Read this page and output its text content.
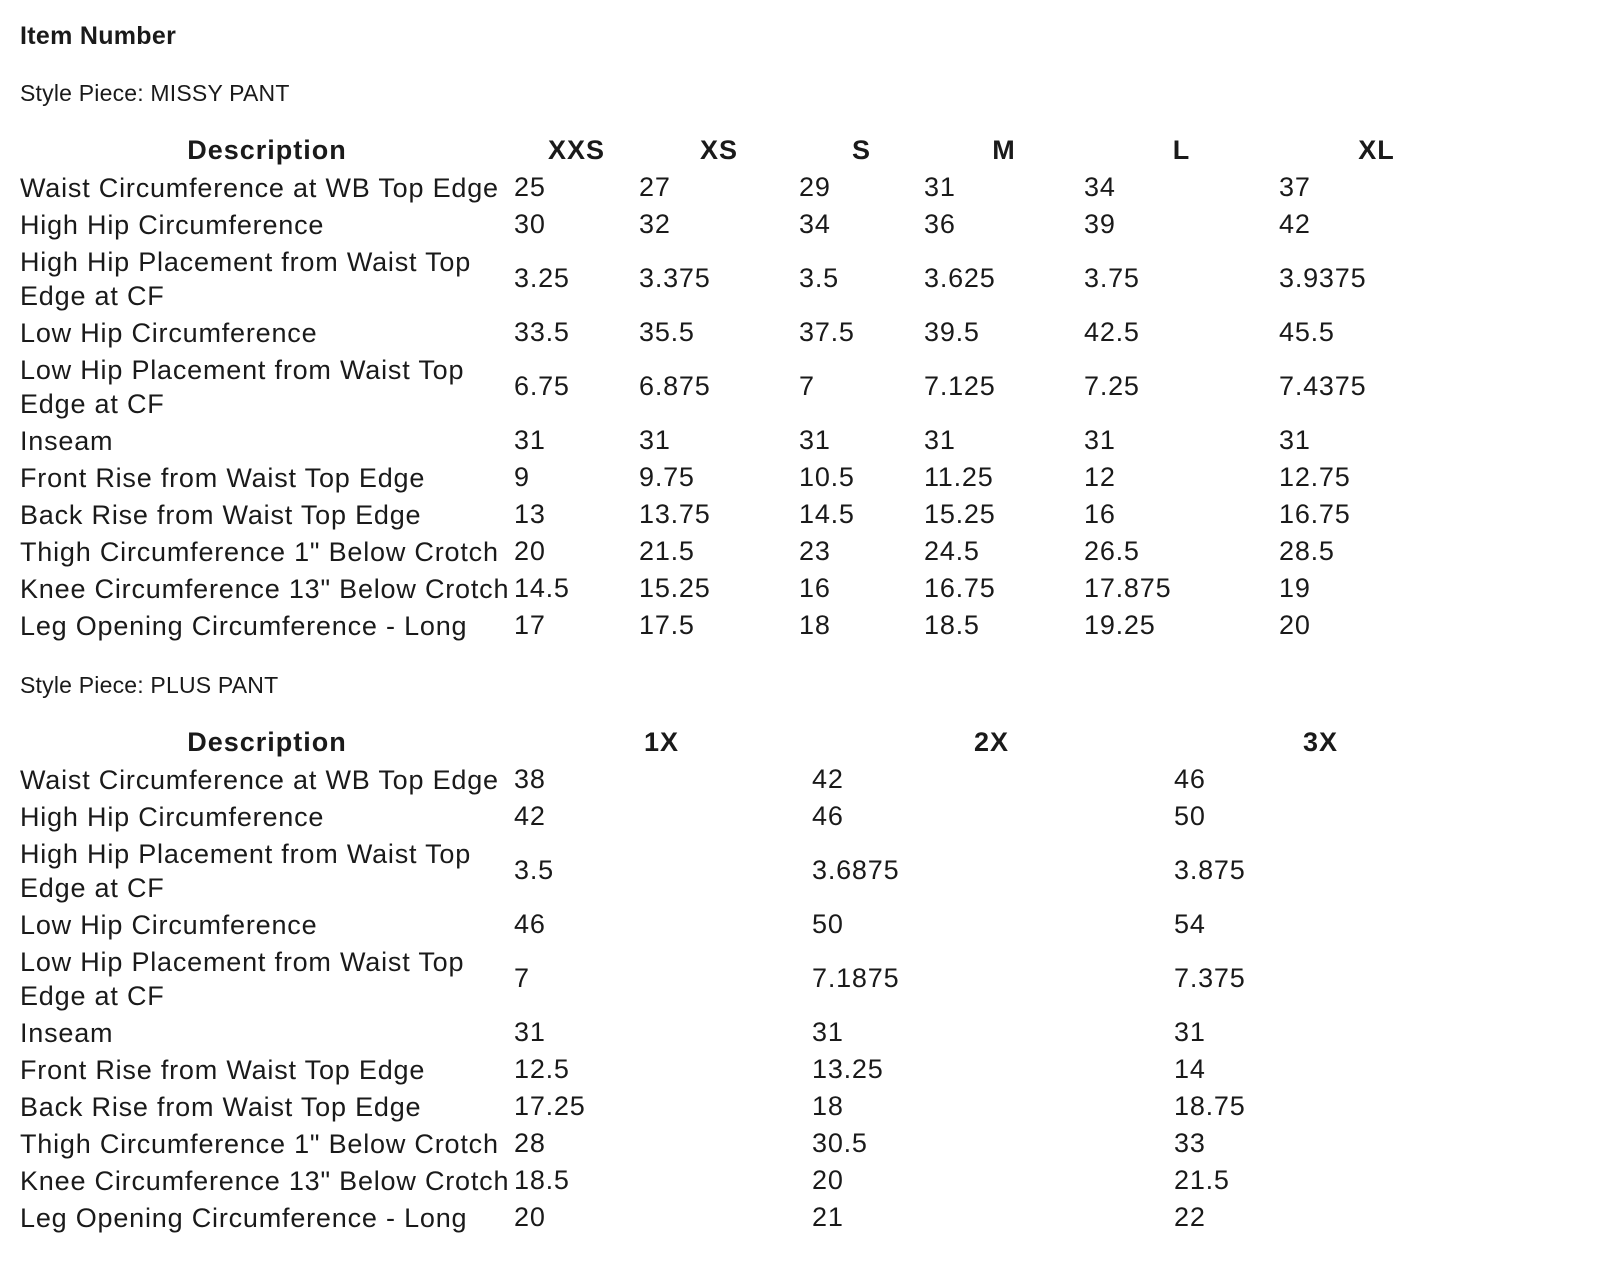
Item Number
Style Piece: MISSY PANT
Description	XXS	XS	S	M	L	XL
Waist Circumference at WB Top Edge	25	27	29	31	34	37
High Hip Circumference	30	32	34	36	39	42
High Hip Placement from Waist Top Edge at CF	3.25	3.375	3.5	3.625	3.75	3.9375
Low Hip Circumference	33.5	35.5	37.5	39.5	42.5	45.5
Low Hip Placement from Waist Top Edge at CF	6.75	6.875	7	7.125	7.25	7.4375
Inseam	31	31	31	31	31	31
Front Rise from Waist Top Edge	9	9.75	10.5	11.25	12	12.75
Back Rise from Waist Top Edge	13	13.75	14.5	15.25	16	16.75
Thigh Circumference 1" Below Crotch	20	21.5	23	24.5	26.5	28.5
Knee Circumference 13" Below Crotch	14.5	15.25	16	16.75	17.875	19
Leg Opening Circumference - Long	17	17.5	18	18.5	19.25	20
Style Piece: PLUS PANT
Description	1X	2X	3X
Waist Circumference at WB Top Edge	38	42	46
High Hip Circumference	42	46	50
High Hip Placement from Waist Top Edge at CF	3.5	3.6875	3.875
Low Hip Circumference	46	50	54
Low Hip Placement from Waist Top Edge at CF	7	7.1875	7.375
Inseam	31	31	31
Front Rise from Waist Top Edge	12.5	13.25	14
Back Rise from Waist Top Edge	17.25	18	18.75
Thigh Circumference 1" Below Crotch	28	30.5	33
Knee Circumference 13" Below Crotch	18.5	20	21.5
Leg Opening Circumference - Long	20	21	22
